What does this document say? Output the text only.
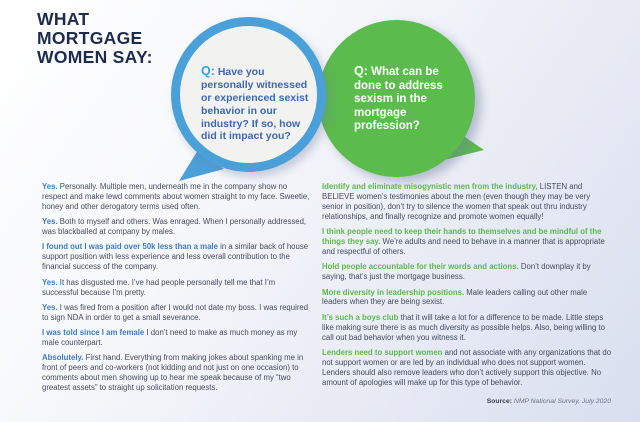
WHAT
MORTGAGE
WOMEN SAY:
Q: What can be done to address sexism in the mortgage profession?
Q: Have you personally witnessed or experienced sexist behavior in our industry? If so, how did it impact you?

Yes. Personally. Multiple men, underneath me in the company show no respect and make lewd comments about women straight to my face. Sweetie, honey and other derogatory terms used often.

Yes. Both to myself and others. Was enraged. When I personally addressed, was blackballed at company by males.

I found out I was paid over 50k less than a male in a similar back of house support position with less experience and less overall contribution to the financial success of the company.

Yes. It has disgusted me. I’ve had people personally tell me that I’m successful because I’m pretty.

Yes. I was fired from a position after I would not date my boss. I was required to sign NDA in order to get a small severance.

I was told since I am female I don’t need to make as much money as my male counterpart.

Absolutely. First hand. Everything from making jokes about spanking me in front of peers and co-workers (not kidding and not just on one occasion) to comments about men showing up to hear me speak because of my “two greatest assets” to straight up solicitation requests.

Identify and eliminate misogynistic men from the industry, LISTEN and BELIEVE women’s testimonies about the men (even though they may be very senior in position), don’t try to silence the women that speak out thru industry relationships, and finally recognize and promote women equally!

I think people need to keep their hands to themselves and be mindful of the things they say. We’re adults and need to behave in a manner that is appropriate and respectful of others.

Hold people accountable for their words and actions. Don’t downplay it by saying, that’s just the mortgage business.

More diversity in leadership positions. Male leaders calling out other male leaders when they are being sexist.

It’s such a boys club that it will take a lot for a difference to be made. Little steps like making sure there is as much diversity as possible helps. Also, being willing to call out bad behavior when you witness it.

Lenders need to support women and not associate with any organizations that do not support women or are led by an individual who does not support women. Lenders should also remove leaders who don’t actively support this objective. No amount of apologies will make up for this type of behavior.

Source: NMP National Survey, July 2020
